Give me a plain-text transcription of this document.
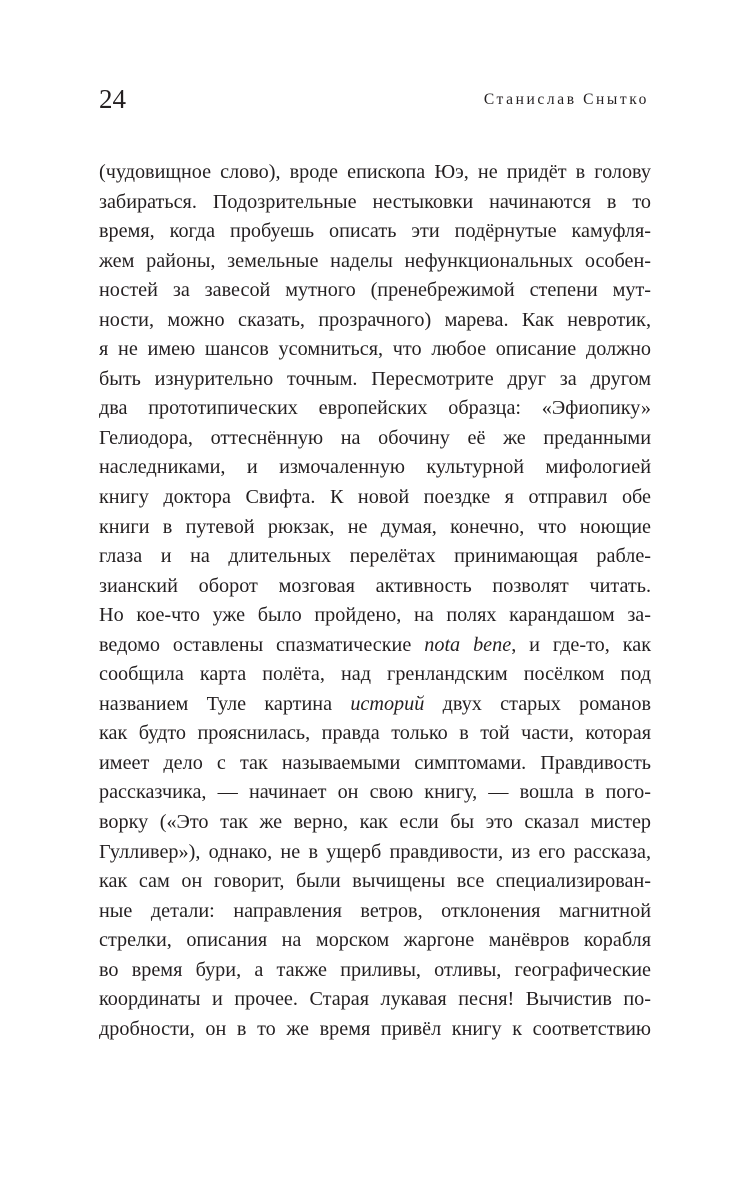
24	Станислав Снытко
(чудовищное слово), вроде епископа Юэ, не придёт в голову
забираться. Подозрительные нестыковки начинаются в то
время, когда пробуешь описать эти подёрнутые камуфля-
жем районы, земельные наделы нефункциональных особен-
ностей за завесой мутного (пренебрежимой степени мут-
ности, можно сказать, прозрачного) марева. Как невротик,
я не имею шансов усомниться, что любое описание должно
быть изнурительно точным. Пересмотрите друг за другом
два прототипических европейских образца: «Эфиопику»
Гелиодора, оттеснённую на обочину её же преданными
наследниками, и измочаленную культурной мифологией
книгу доктора Свифта. К новой поездке я отправил обе
книги в путевой рюкзак, не думая, конечно, что ноющие
глаза и на длительных перелётах принимающая рабле-
зианский оборот мозговая активность позволят читать.
Но кое-что уже было пройдено, на полях карандашом за-
ведомо оставлены спазматические nota bene, и где-то, как
сообщила карта полёта, над гренландским посёлком под
названием Туле картина историй двух старых романов
как будто прояснилась, правда только в той части, которая
имеет дело с так называемыми симптомами. Правдивость
рассказчика, — начинает он свою книгу, — вошла в пого-
ворку («Это так же верно, как если бы это сказал мистер
Гулливер»), однако, не в ущерб правдивости, из его рассказа,
как сам он говорит, были вычищены все специализирован-
ные детали: направления ветров, отклонения магнитной
стрелки, описания на морском жаргоне манёвров корабля
во время бури, а также приливы, отливы, географические
координаты и прочее. Старая лукавая песня! Вычистив по-
дробности, он в то же время привёл книгу к соответствию
